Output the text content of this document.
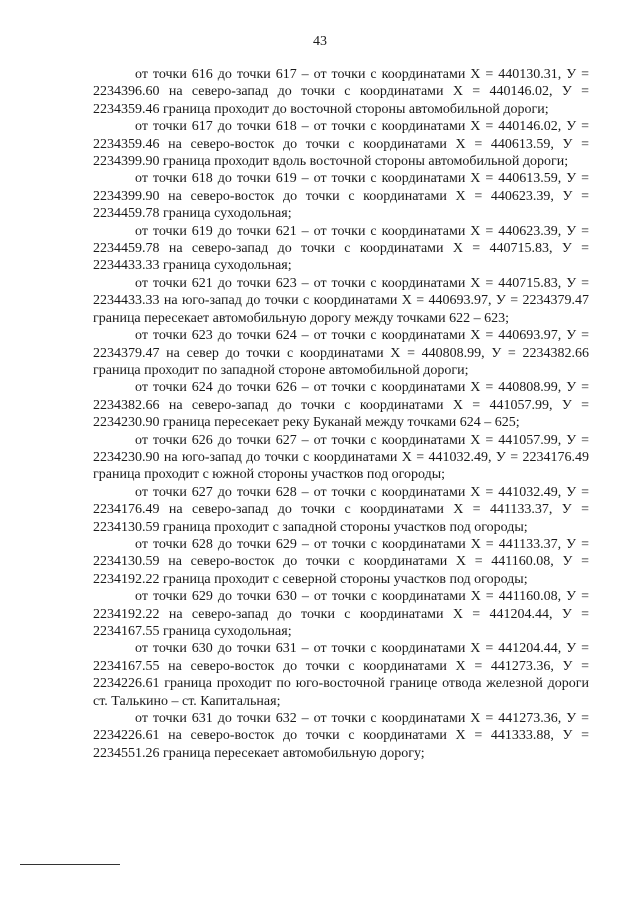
43

от точки 616 до точки 617 – от точки с координатами Х = 440130.31, У = 2234396.60 на северо-запад до точки с координатами Х = 440146.02, У = 2234359.46 граница проходит до восточной стороны автомобильной дороги;

от точки 617 до точки 618 – от точки с координатами Х = 440146.02, У = 2234359.46 на северо-восток до точки с координатами Х = 440613.59, У = 2234399.90 граница проходит вдоль восточной стороны автомобильной дороги;

от точки 618 до точки 619 – от точки с координатами Х = 440613.59, У = 2234399.90 на северо-восток до точки с координатами Х = 440623.39, У = 2234459.78 граница суходольная;

от точки 619 до точки 621 – от точки с координатами Х = 440623.39, У = 2234459.78 на северо-запад до точки с координатами Х = 440715.83, У = 2234433.33 граница суходольная;

от точки 621 до точки 623 – от точки с координатами Х = 440715.83, У = 2234433.33 на юго-запад до точки с координатами Х = 440693.97, У = 2234379.47 граница пересекает автомобильную дорогу между точками 622 – 623;

от точки 623 до точки 624 – от точки с координатами Х = 440693.97, У = 2234379.47 на север до точки с координатами Х = 440808.99, У = 2234382.66 граница проходит по западной стороне автомобильной дороги;

от точки 624 до точки 626 – от точки с координатами Х = 440808.99, У = 2234382.66 на северо-запад до точки с координатами Х = 441057.99, У = 2234230.90 граница пересекает реку Буканай между точками 624 – 625;

от точки 626 до точки 627 – от точки с координатами Х = 441057.99, У = 2234230.90 на юго-запад до точки с координатами Х = 441032.49, У = 2234176.49 граница проходит с южной стороны участков под огороды;

от точки 627 до точки 628 – от точки с координатами Х = 441032.49, У = 2234176.49 на северо-запад до точки с координатами Х = 441133.37, У = 2234130.59 граница проходит с западной стороны участков под огороды;

от точки 628 до точки 629 – от точки с координатами Х = 441133.37, У = 2234130.59 на северо-восток до точки с координатами Х = 441160.08, У = 2234192.22 граница проходит с северной стороны участков под огороды;

от точки 629 до точки 630 – от точки с координатами Х = 441160.08, У = 2234192.22 на северо-запад до точки с координатами Х = 441204.44, У = 2234167.55 граница суходольная;

от точки 630 до точки 631 – от точки с координатами Х = 441204.44, У = 2234167.55 на северо-восток до точки с координатами Х = 441273.36, У = 2234226.61 граница проходит по юго-восточной границе отвода железной дороги ст. Талькино – ст. Капитальная;

от точки 631 до точки 632 – от точки с координатами Х = 441273.36, У = 2234226.61 на северо-восток до точки с координатами Х = 441333.88, У = 2234551.26 граница пересекает автомобильную дорогу;
